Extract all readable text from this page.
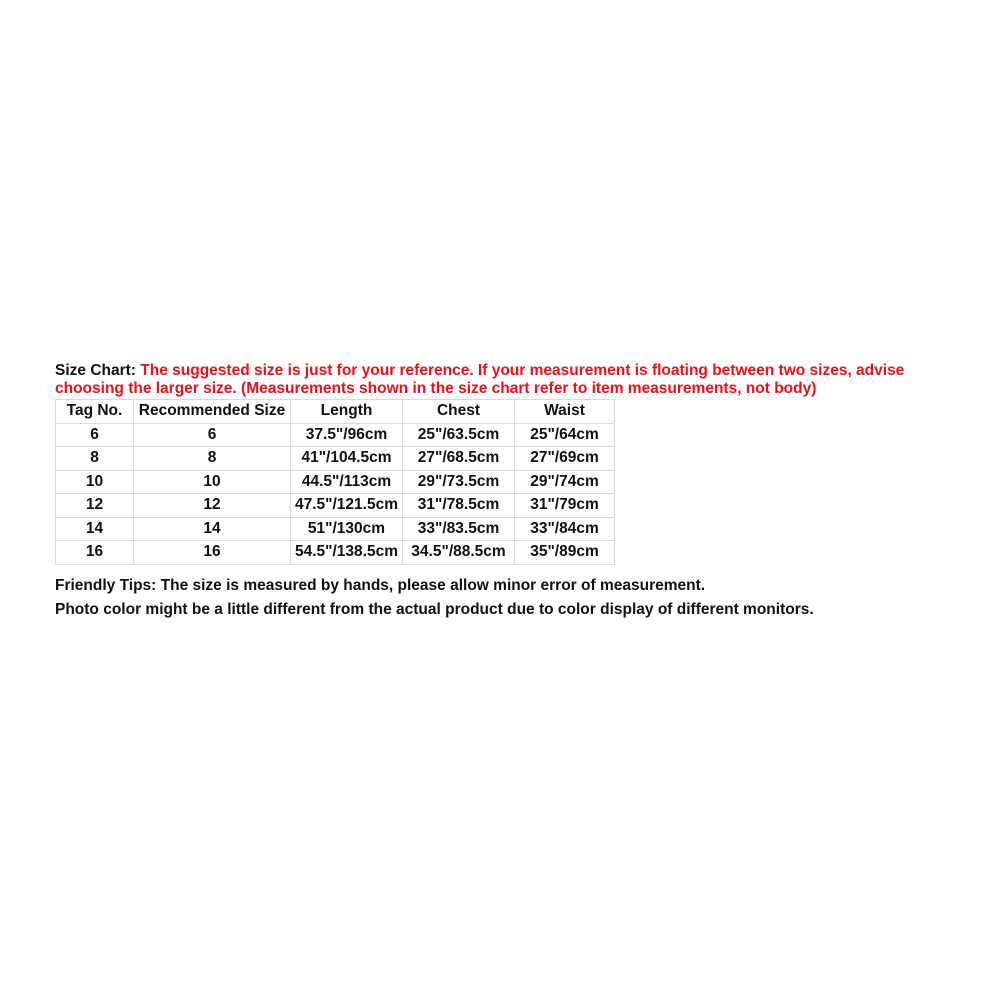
Size Chart: The suggested size is just for your reference. If your measurement is floating between two sizes, advise choosing the larger size. (Measurements shown in the size chart refer to item measurements, not body)

Tag No.	Recommended Size	Length	Chest	Waist
6	6	37.5"/96cm	25"/63.5cm	25"/64cm
8	8	41"/104.5cm	27"/68.5cm	27"/69cm
10	10	44.5"/113cm	29"/73.5cm	29"/74cm
12	12	47.5"/121.5cm	31"/78.5cm	31"/79cm
14	14	51"/130cm	33"/83.5cm	33"/84cm
16	16	54.5"/138.5cm	34.5"/88.5cm	35"/89cm

Friendly Tips: The size is measured by hands, please allow minor error of measurement.

Photo color might be a little different from the actual product due to color display of different monitors.
